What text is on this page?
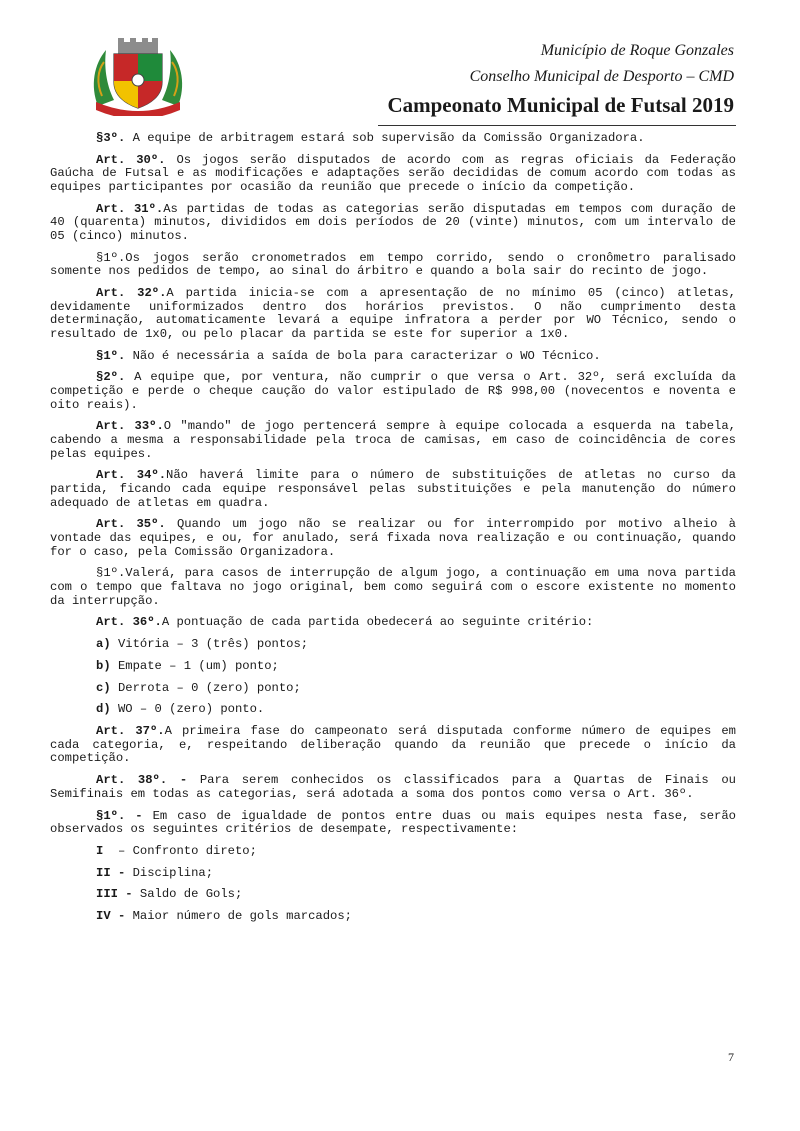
Município de Roque Gonzales
Conselho Municipal de Desporto – CMD
Campeonato Municipal de Futsal 2019

§3º. A equipe de arbitragem estará sob supervisão da Comissão Organizadora.

Art. 30º. Os jogos serão disputados de acordo com as regras oficiais da Federação Gaúcha de Futsal e as modificações e adaptações serão decididas de comum acordo com todas as equipes participantes por ocasião da reunião que precede o início da competição.

Art. 31º.As partidas de todas as categorias serão disputadas em tempos com duração de 40 (quarenta) minutos, divididos em dois períodos de 20 (vinte) minutos, com um intervalo de 05 (cinco) minutos.

§1º.Os jogos serão cronometrados em tempo corrido, sendo o cronômetro paralisado somente nos pedidos de tempo, ao sinal do árbitro e quando a bola sair do recinto de jogo.

Art. 32º.A partida inicia-se com a apresentação de no mínimo 05 (cinco) atletas, devidamente uniformizados dentro dos horários previstos. O não cumprimento desta determinação, automaticamente levará a equipe infratora a perder por WO Técnico, sendo o resultado de 1x0, ou pelo placar da partida se este for superior a 1x0.

§1º. Não é necessária a saída de bola para caracterizar o WO Técnico.

§2º. A equipe que, por ventura, não cumprir o que versa o Art. 32º, será excluída da competição e perde o cheque caução do valor estipulado de R$ 998,00 (novecentos e noventa e oito reais).

Art. 33º.O "mando" de jogo pertencerá sempre à equipe colocada a esquerda na tabela, cabendo a mesma a responsabilidade pela troca de camisas, em caso de coincidência de cores pelas equipes.

Art. 34º.Não haverá limite para o número de substituições de atletas no curso da partida, ficando cada equipe responsável pelas substituições e pela manutenção do número adequado de atletas em quadra.

Art. 35º. Quando um jogo não se realizar ou for interrompido por motivo alheio à vontade das equipes, e ou, for anulado, será fixada nova realização e ou continuação, quando for o caso, pela Comissão Organizadora.

§1º.Valerá, para casos de interrupção de algum jogo, a continuação em uma nova partida com o tempo que faltava no jogo original, bem como seguirá com o escore existente no momento da interrupção.

Art. 36º.A pontuação de cada partida obedecerá ao seguinte critério:

a) Vitória – 3 (três) pontos;

b) Empate – 1 (um) ponto;

c) Derrota – 0 (zero) ponto;

d) WO – 0 (zero) ponto.

Art. 37º.A primeira fase do campeonato será disputada conforme número de equipes em cada categoria, e, respeitando deliberação quando da reunião que precede o início da competição.

Art. 38º. - Para serem conhecidos os classificados para a Quartas de Finais ou Semifinais em todas as categorias, será adotada a soma dos pontos como versa o Art. 36º.

§1º. - Em caso de igualdade de pontos entre duas ou mais equipes nesta fase, serão observados os seguintes critérios de desempate, respectivamente:

I  – Confronto direto;

II - Disciplina;

III - Saldo de Gols;

IV - Maior número de gols marcados;

7
